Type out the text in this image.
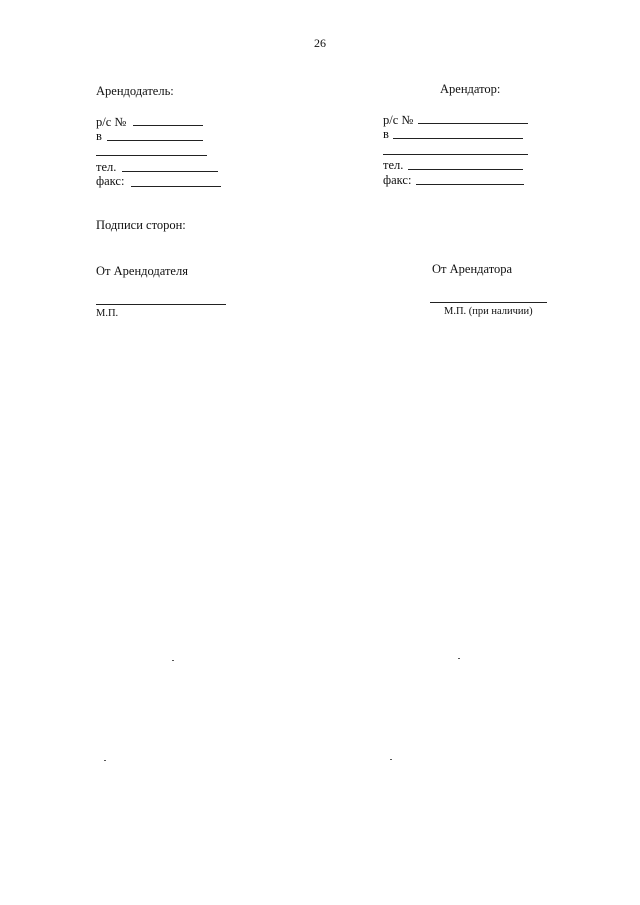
26
Арендодатель:
р/с №
в
тел.
факс:
Арендатор:
р/с №
в
тел.
факс:
Подписи сторон:
От Арендодателя	От Арендатора
М.П.	М.П. (при наличии)
